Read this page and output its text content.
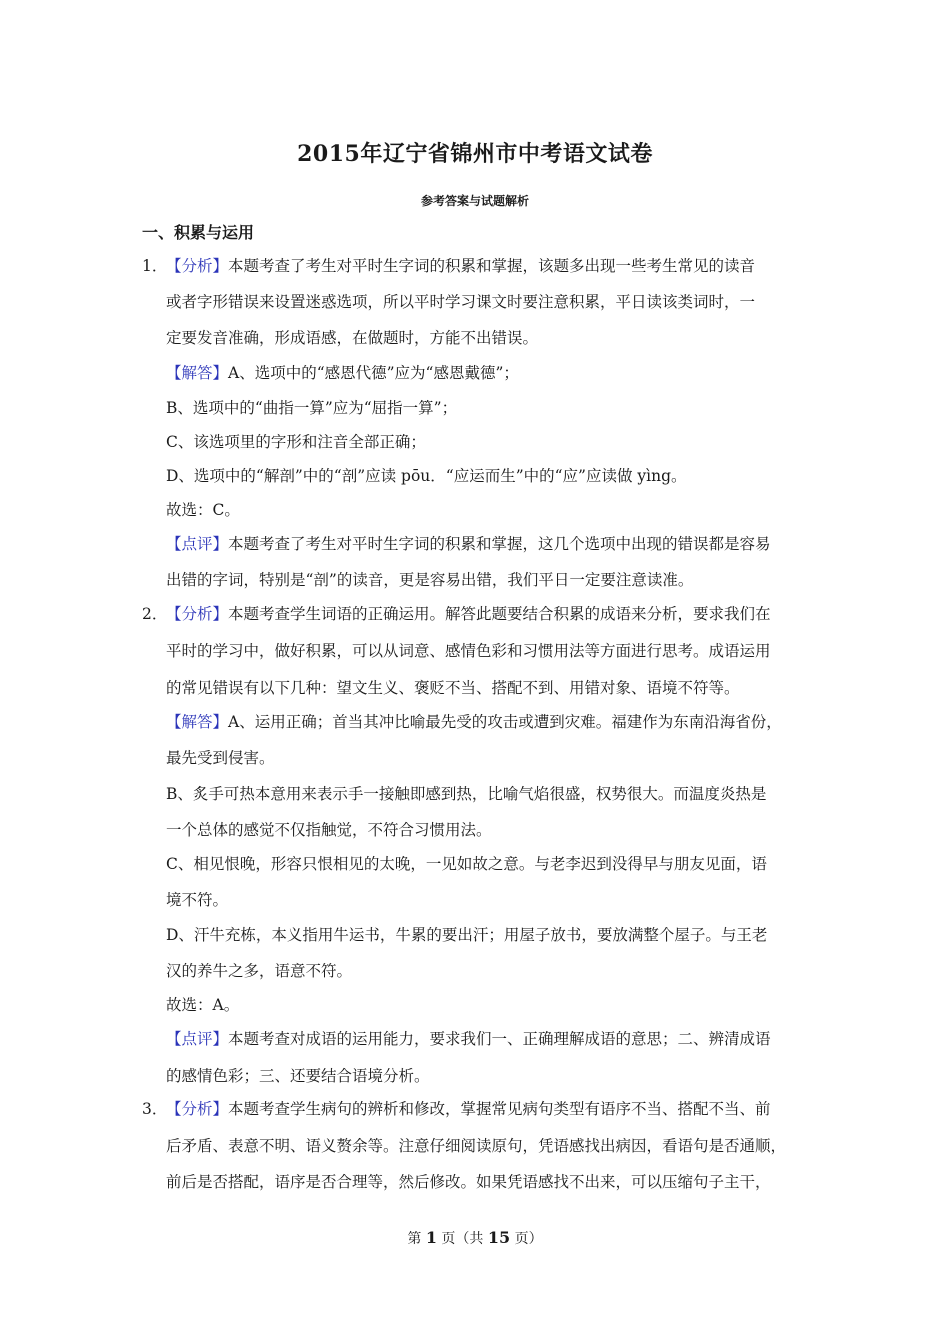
2015年辽宁省锦州市中考语文试卷
参考答案与试题解析
一、积累与运用
1．
【分析】本题考查了考生对平时生字词的积累和掌握，该题多出现一些考生常见的读音
或者字形错误来设置迷惑选项，所以平时学习课文时要注意积累，平日读该类词时，一
定要发音准确，形成语感，在做题时，方能不出错误。
【解答】A、选项中的“感恩代德”应为“感恩戴德”；
B、选项中的“曲指一算”应为“屈指一算”；
C、该选项里的字形和注音全部正确；
D、选项中的“解剖”中的“剖”应读 pōu．“应运而生”中的“应”应读做 yìng。
故选：C。
【点评】本题考查了考生对平时生字词的积累和掌握，这几个选项中出现的错误都是容易
出错的字词，特别是“剖”的读音，更是容易出错，我们平日一定要注意读准。
2．
【分析】本题考查学生词语的正确运用。解答此题要结合积累的成语来分析，要求我们在
平时的学习中，做好积累，可以从词意、感情色彩和习惯用法等方面进行思考。成语运用
的常见错误有以下几种：望文生义、褒贬不当、搭配不到、用错对象、语境不符等。
【解答】A、运用正确；首当其冲比喻最先受的攻击或遭到灾难。福建作为东南沿海省份，
最先受到侵害。
B、炙手可热本意用来表示手一接触即感到热，比喻气焰很盛，权势很大。而温度炎热是
一个总体的感觉不仅指触觉，不符合习惯用法。
C、相见恨晚，形容只恨相见的太晚，一见如故之意。与老李迟到没得早与朋友见面，语
境不符。
D、汗牛充栋，本义指用牛运书，牛累的要出汗；用屋子放书，要放满整个屋子。与王老
汉的养牛之多，语意不符。
故选：A。
【点评】本题考查对成语的运用能力，要求我们一、正确理解成语的意思；二、辨清成语
的感情色彩；三、还要结合语境分析。
3．
【分析】本题考查学生病句的辨析和修改，掌握常见病句类型有语序不当、搭配不当、前
后矛盾、表意不明、语义赘余等。注意仔细阅读原句，凭语感找出病因，看语句是否通顺，
前后是否搭配，语序是否合理等，然后修改。如果凭语感找不出来，可以压缩句子主干，
第 1 页（共 15 页）
